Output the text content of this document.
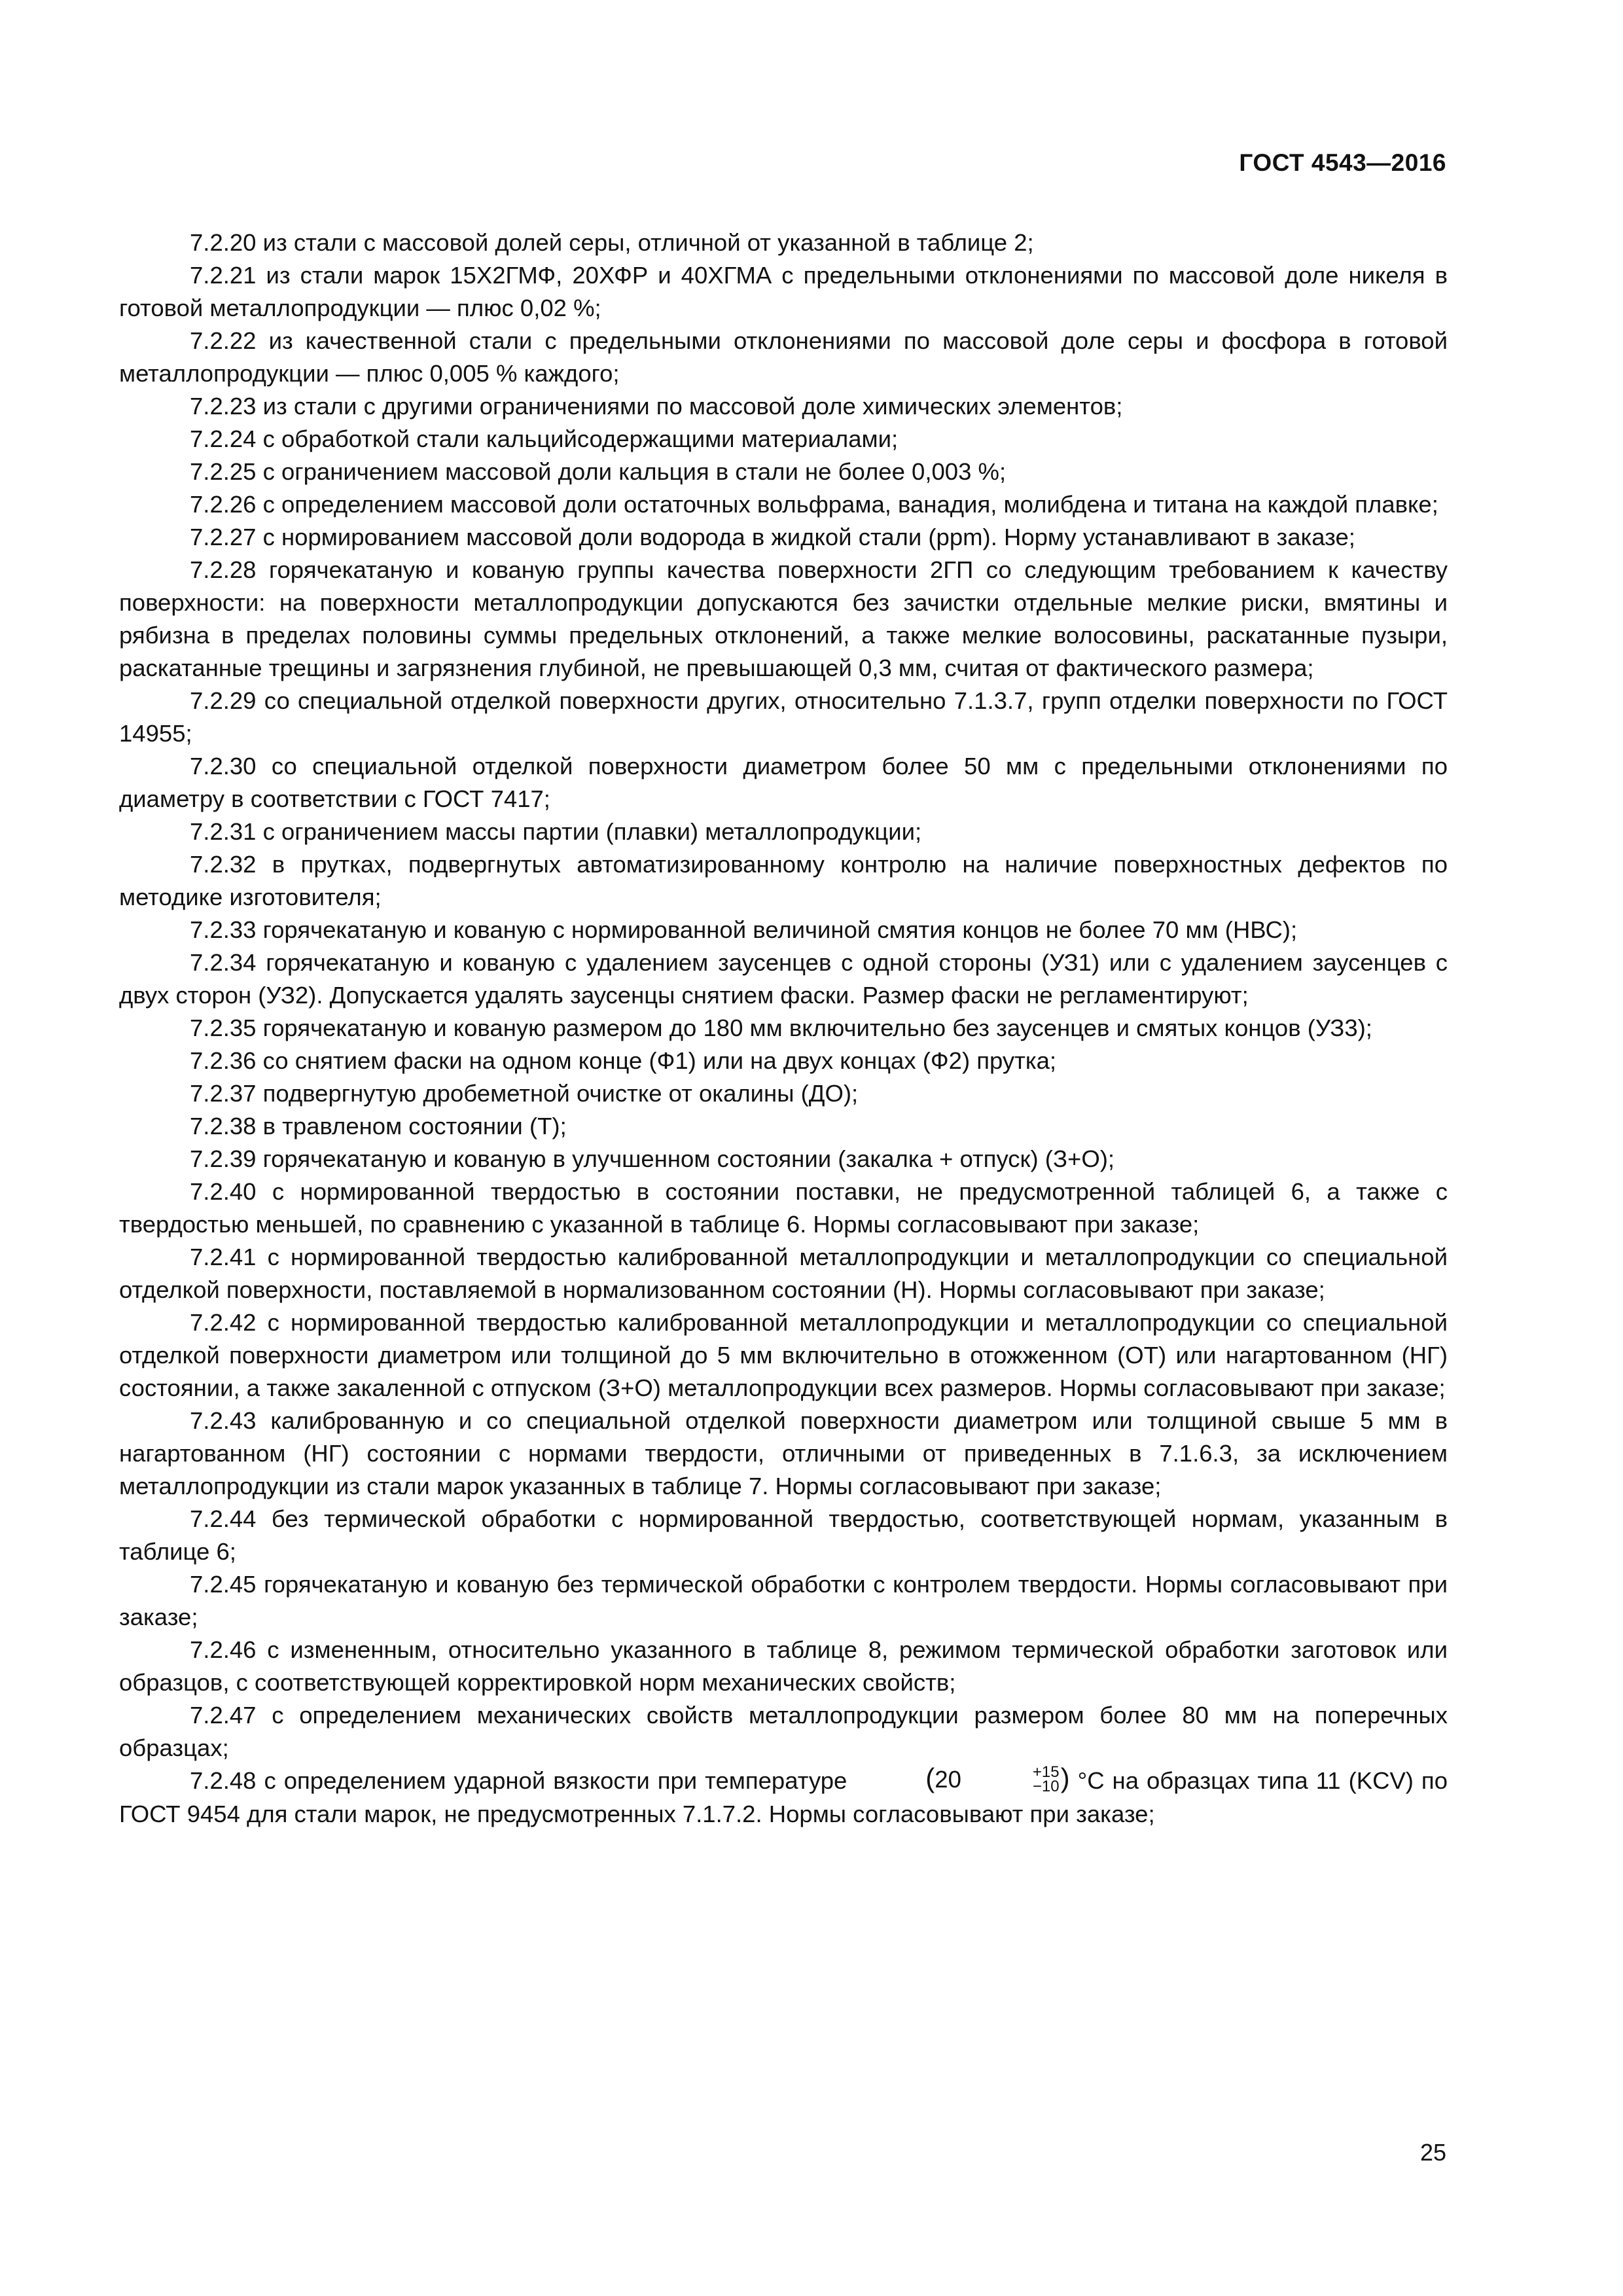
ГОСТ 4543—2016

7.2.20 из стали с массовой долей серы, отличной от указанной в таблице 2;

7.2.21 из стали марок 15Х2ГМФ, 20ХФР и 40ХГМА с предельными отклонениями по массовой доле никеля в готовой металлопродукции — плюс 0,02 %;

7.2.22 из качественной стали с предельными отклонениями по массовой доле серы и фосфора в готовой металлопродукции — плюс 0,005 % каждого;

7.2.23 из стали с другими ограничениями по массовой доле химических элементов;

7.2.24 с обработкой стали кальцийсодержащими материалами;

7.2.25 с ограничением массовой доли кальция в стали не более 0,003 %;

7.2.26 с определением массовой доли остаточных вольфрама, ванадия, молибдена и титана на каждой плавке;

7.2.27 с нормированием массовой доли водорода в жидкой стали (ppm). Норму устанавливают в заказе;

7.2.28 горячекатаную и кованую группы качества поверхности 2ГП со следующим требованием к качеству поверхности: на поверхности металлопродукции допускаются без зачистки отдельные мелкие риски, вмятины и рябизна в пределах половины суммы предельных отклонений, а также мелкие волосовины, раскатанные пузыри, раскатанные трещины и загрязнения глубиной, не превышающей 0,3 мм, считая от фактического размера;

7.2.29 со специальной отделкой поверхности других, относительно 7.1.3.7, групп отделки поверхности по ГОСТ 14955;

7.2.30 со специальной отделкой поверхности диаметром более 50 мм с предельными отклонениями по диаметру в соответствии с ГОСТ 7417;

7.2.31 с ограничением массы партии (плавки) металлопродукции;

7.2.32 в прутках, подвергнутых автоматизированному контролю на наличие поверхностных дефектов по методике изготовителя;

7.2.33 горячекатаную и кованую с нормированной величиной смятия концов не более 70 мм (НВС);

7.2.34 горячекатаную и кованую с удалением заусенцев с одной стороны (УЗ1) или с удалением заусенцев с двух сторон (УЗ2). Допускается удалять заусенцы снятием фаски. Размер фаски не регламентируют;

7.2.35 горячекатаную и кованую размером до 180 мм включительно без заусенцев и смятых концов (УЗ3);

7.2.36 со снятием фаски на одном конце (Ф1) или на двух концах (Ф2) прутка;

7.2.37 подвергнутую дробеметной очистке от окалины (ДО);

7.2.38 в травленом состоянии (Т);

7.2.39 горячекатаную и кованую в улучшенном состоянии (закалка + отпуск) (З+О);

7.2.40 с нормированной твердостью в состоянии поставки, не предусмотренной таблицей 6, а также с твердостью меньшей, по сравнению с указанной в таблице 6. Нормы согласовывают при заказе;

7.2.41 с нормированной твердостью калиброванной металлопродукции и металлопродукции со специальной отделкой поверхности, поставляемой в нормализованном состоянии (Н). Нормы согласовывают при заказе;

7.2.42 с нормированной твердостью калиброванной металлопродукции и металлопродукции со специальной отделкой поверхности диаметром или толщиной до 5 мм включительно в отожженном (ОТ) или нагартованном (НГ) состоянии, а также закаленной с отпуском (З+О) металлопродукции всех размеров. Нормы согласовывают при заказе;

7.2.43 калиброванную и со специальной отделкой поверхности диаметром или толщиной свыше 5 мм в нагартованном (НГ) состоянии с нормами твердости, отличными от приведенных в 7.1.6.3, за исключением металлопродукции из стали марок указанных в таблице 7. Нормы согласовывают при заказе;

7.2.44 без термической обработки с нормированной твердостью, соответствующей нормам, указанным в таблице 6;

7.2.45 горячекатаную и кованую без термической обработки с контролем твердости. Нормы согласовывают при заказе;

7.2.46 с измененным, относительно указанного в таблице 8, режимом термической обработки заготовок или образцов, с соответствующей корректировкой норм механических свойств;

7.2.47 с определением механических свойств металлопродукции размером более 80 мм на поперечных образцах;

7.2.48 с определением ударной вязкости при температуре	(20	+15
−10 ) °С на образцах типа 11 (KCV) по ГОСТ 9454 для стали марок, не предусмотренных 7.1.7.2. Нормы согласовывают при заказе;

25
